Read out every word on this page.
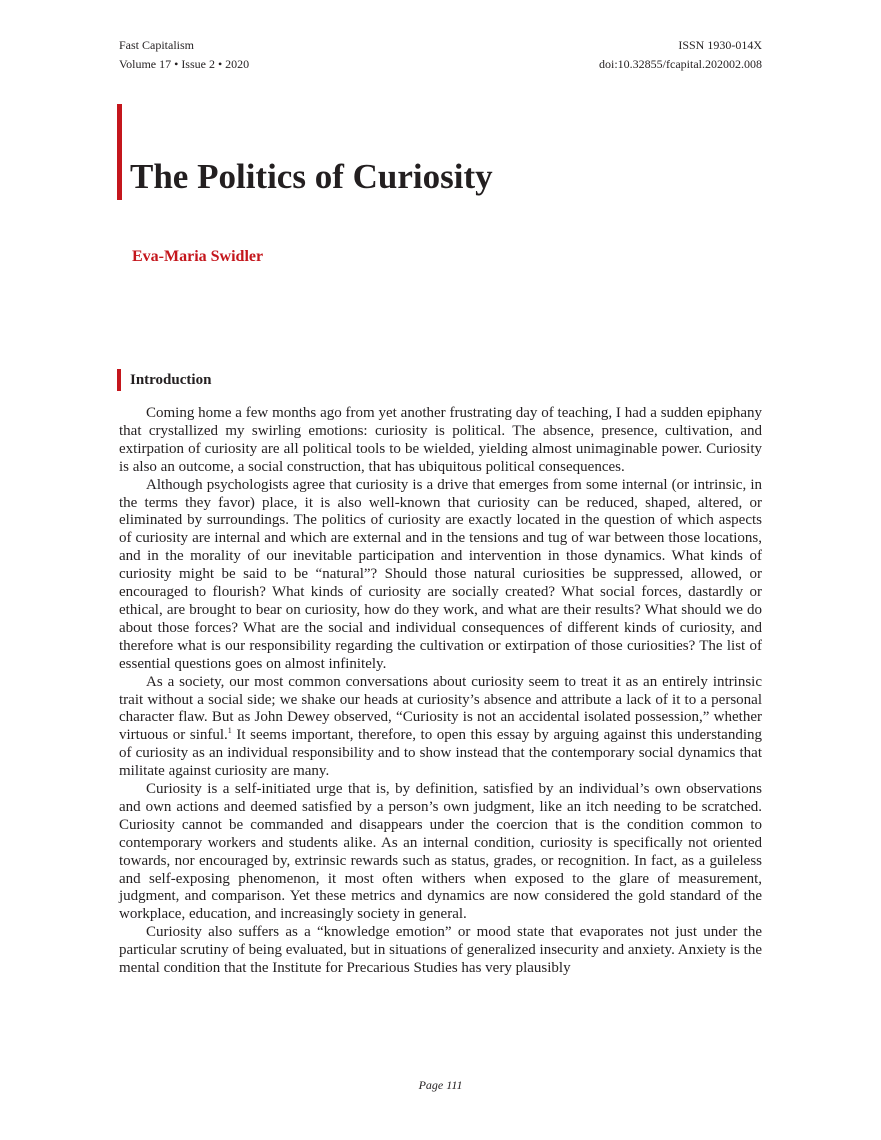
Fast Capitalism
Volume 17 • Issue 2 • 2020
ISSN 1930-014X
doi:10.32855/fcapital.202002.008
The Politics of Curiosity
Eva-Maria Swidler
Introduction

Coming home a few months ago from yet another frustrating day of teaching, I had a sudden epiphany that crystallized my swirling emotions: curiosity is political. The absence, presence, cultivation, and extirpation of curiosity are all political tools to be wielded, yielding almost unimaginable power. Curiosity is also an outcome, a social construction, that has ubiquitous political consequences.

Although psychologists agree that curiosity is a drive that emerges from some internal (or intrinsic, in the terms they favor) place, it is also well-known that curiosity can be reduced, shaped, altered, or eliminated by surroundings. The politics of curiosity are exactly located in the question of which aspects of curiosity are internal and which are external and in the tensions and tug of war between those locations, and in the morality of our inevitable participation and intervention in those dynamics. What kinds of curiosity might be said to be “natural”? Should those natural curiosities be suppressed, allowed, or encouraged to flourish? What kinds of curiosity are socially created? What social forces, dastardly or ethical, are brought to bear on curiosity, how do they work, and what are their results? What should we do about those forces? What are the social and individual consequences of different kinds of curiosity, and therefore what is our responsibility regarding the cultivation or extirpation of those curiosities? The list of essential questions goes on almost infinitely.

As a society, our most common conversations about curiosity seem to treat it as an entirely intrinsic trait without a social side; we shake our heads at curiosity’s absence and attribute a lack of it to a personal character flaw. But as John Dewey observed, “Curiosity is not an accidental isolated possession,” whether virtuous or sinful.$^1$ It seems important, therefore, to open this essay by arguing against this understanding of curiosity as an individual responsibility and to show instead that the contemporary social dynamics that militate against curiosity are many.

Curiosity is a self-initiated urge that is, by definition, satisfied by an individual’s own observations and own actions and deemed satisfied by a person’s own judgment, like an itch needing to be scratched. Curiosity cannot be commanded and disappears under the coercion that is the condition common to contemporary workers and students alike. As an internal condition, curiosity is specifically not oriented towards, nor encouraged by, extrinsic rewards such as status, grades, or recognition. In fact, as a guileless and self-exposing phenomenon, it most often withers when exposed to the glare of measurement, judgment, and comparison. Yet these metrics and dynamics are now considered the gold standard of the workplace, education, and increasingly society in general.

Curiosity also suffers as a “knowledge emotion” or mood state that evaporates not just under the particular scrutiny of being evaluated, but in situations of generalized insecurity and anxiety. Anxiety is the mental condition that the Institute for Precarious Studies has very plausibly

Page 111
